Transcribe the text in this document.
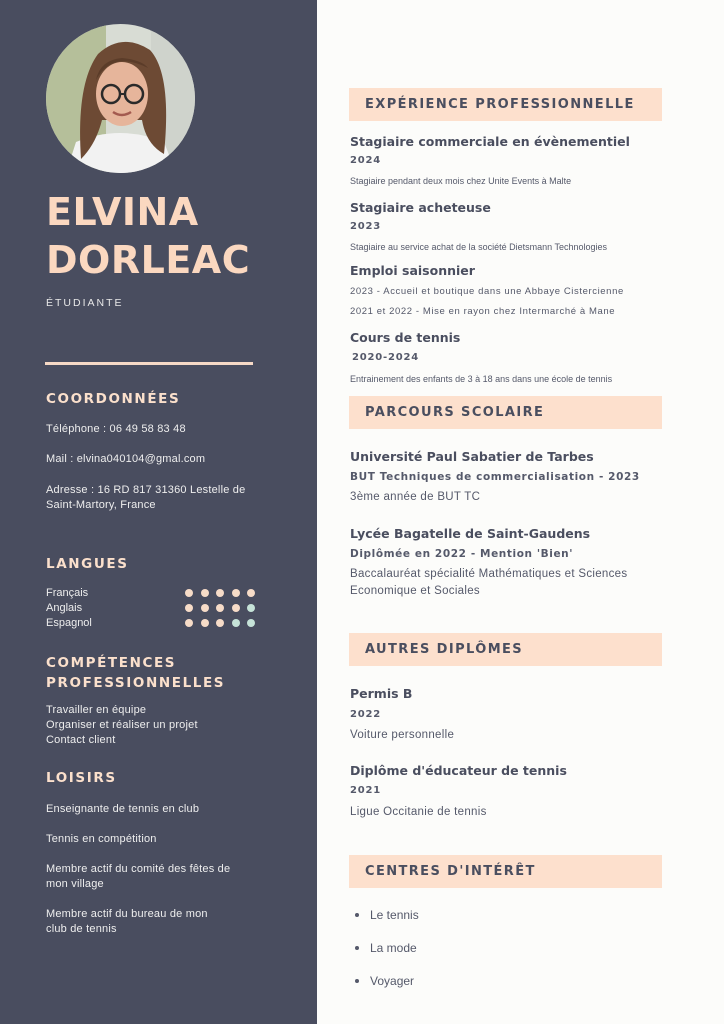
ELVINA
DORLEAC
ÉTUDIANTE
COORDONNÉES
Téléphone : 06 49 58 83 48
Mail : elvina040104@gmal.com
Adresse : 16 RD 817 31360 Lestelle de
Saint-Martory, France
LANGUES
Français
Anglais
Espagnol
COMPÉTENCES
PROFESSIONNELLES
Travailler en équipe
Organiser et réaliser un projet
Contact client
LOISIRS
Enseignante de tennis en club
Tennis en compétition
Membre actif du comité des fêtes de
mon village
Membre actif du bureau de mon
club de tennis
EXPÉRIENCE PROFESSIONNELLE
Stagiaire commerciale en évènementiel
2024
Stagiaire pendant deux mois chez Unite Events à Malte
Stagiaire acheteuse
2023
Stagiaire au service achat de la société Dietsmann Technologies
Emploi saisonnier
2023 - Accueil et boutique dans une Abbaye Cistercienne
2021 et 2022 - Mise en rayon chez Intermarché à Mane
Cours de tennis
2020-2024
Entrainement des enfants de 3 à 18 ans dans une école de tennis
PARCOURS SCOLAIRE
Université Paul Sabatier de Tarbes
BUT Techniques de commercialisation - 2023
3ème année de BUT TC
Lycée Bagatelle de Saint-Gaudens
Diplômée en 2022 - Mention 'Bien'
Baccalauréat spécialité Mathématiques et Sciences
Economique et Sociales
AUTRES DIPLÔMES
Permis B
2022
Voiture personnelle
Diplôme d'éducateur de tennis
2021
Ligue Occitanie de tennis
CENTRES D'INTÉRÊT
Le tennis
La mode
Voyager
